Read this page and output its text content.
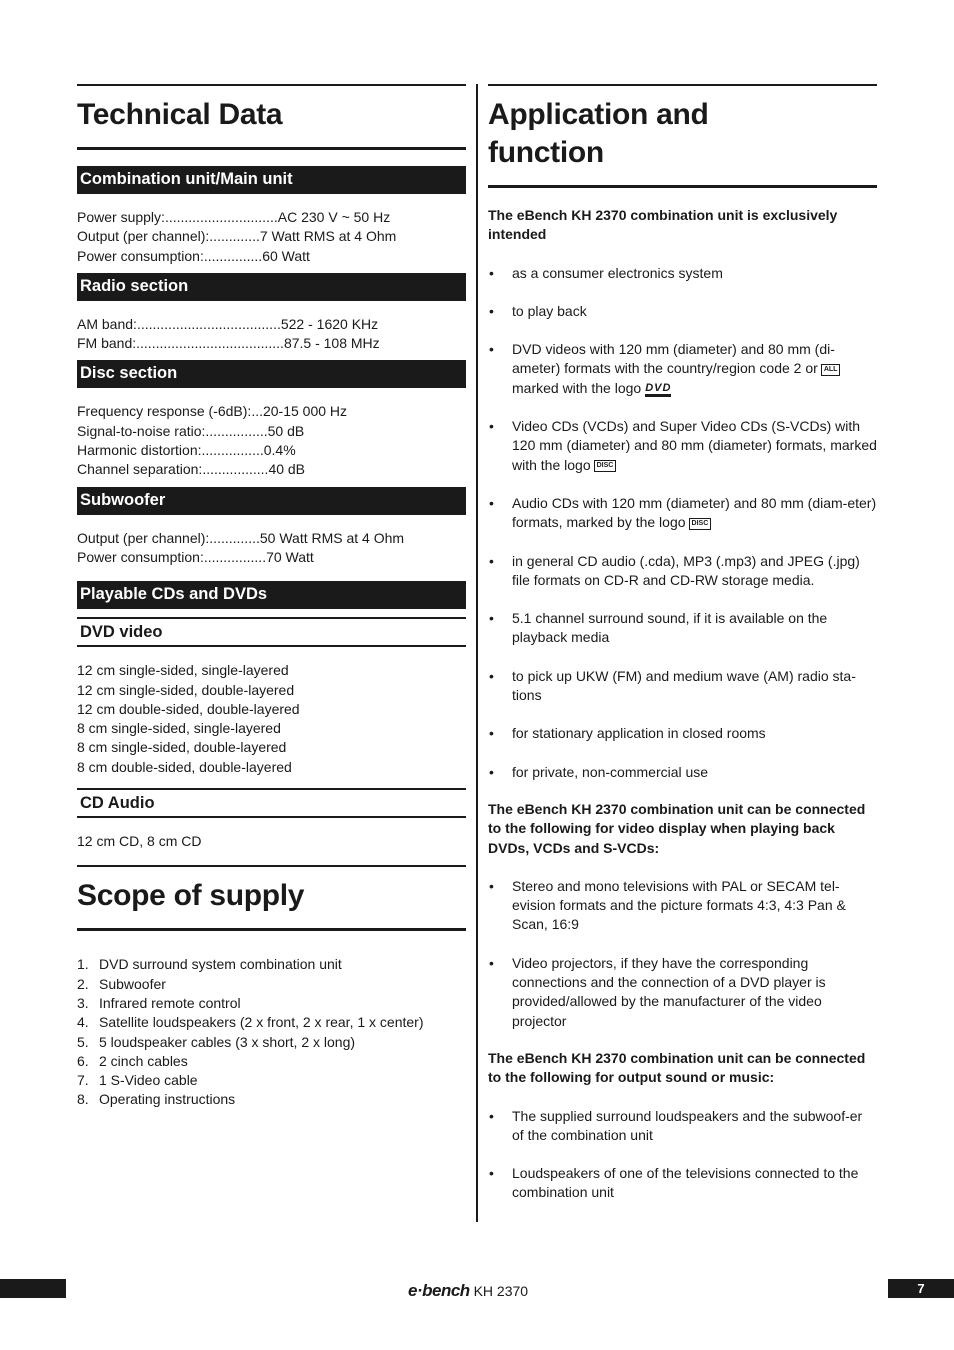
Technical Data
Combination unit/Main unit
Power supply: ............................. AC 230 V ~ 50 Hz
Output (per channel): ............. 7 Watt RMS at 4 Ohm
Power consumption: ............... 60 Watt
Radio section
AM band: ..................................... 522 - 1620 KHz
FM band: ...................................... 87.5 - 108 MHz
Disc section
Frequency response (-6dB): ... 20-15 000 Hz
Signal-to-noise ratio: ................ 50 dB
Harmonic distortion: ................ 0.4%
Channel separation: ................. 40 dB
Subwoofer
Output (per channel): ............. 50 Watt RMS at 4 Ohm
Power consumption: ................ 70 Watt
Playable CDs and DVDs
DVD video
12 cm single-sided, single-layered
12 cm single-sided, double-layered
12 cm double-sided, double-layered
8 cm single-sided, single-layered
8 cm single-sided, double-layered
8 cm double-sided, double-layered
CD Audio
12 cm CD, 8 cm CD
Scope of supply
1. DVD surround system combination unit
2. Subwoofer
3. Infrared remote control
4. Satellite loudspeakers (2 x front, 2 x rear, 1 x center)
5. 5 loudspeaker cables (3 x short, 2 x long)
6. 2 cinch cables
7. 1 S-Video cable
8. Operating instructions
Application and
function
The eBench KH 2370 combination unit is exclusively intended
•	as a consumer electronics system
•	to play back
•	DVD videos with 120 mm (diameter) and 80 mm (di-ameter) formats with the country/region code 2 or ALL marked with the logo DVD
•	Video CDs (VCDs) and Super Video CDs (S-VCDs) with 120 mm (diameter) and 80 mm (diameter) formats, marked with the logo DISC
•	Audio CDs with 120 mm (diameter) and 80 mm (diam-eter) formats, marked by the logo DISC
•	in general CD audio (.cda), MP3 (.mp3) and JPEG (.jpg) file formats on CD-R and CD-RW storage media.
•	5.1 channel surround sound, if it is available on the playback media
•	to pick up UKW (FM) and medium wave (AM) radio sta-tions
•	for stationary application in closed rooms
•	for private, non-commercial use
The eBench KH 2370 combination unit can be connected to the following for video display when playing back DVDs, VCDs and S-VCDs:
•	Stereo and mono televisions with PAL or SECAM tel-evision formats and the picture formats 4:3, 4:3 Pan & Scan, 16:9
•	Video projectors, if they have the corresponding connections and the connection of a DVD player is provided/allowed by the manufacturer of the video projector
The eBench KH 2370 combination unit can be connected to the following for output sound or music:
•	The supplied surround loudspeakers and the subwoof-er of the combination unit
•	Loudspeakers of one of the televisions connected to the combination unit
e·bench KH 2370	7
